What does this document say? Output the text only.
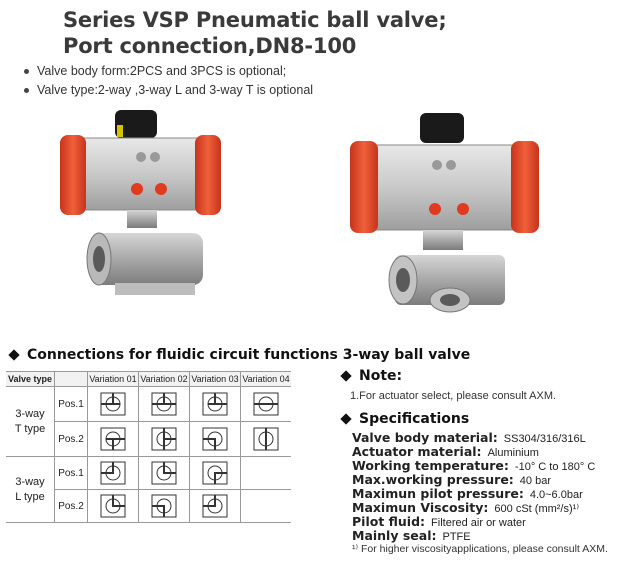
Series VSP Pneumatic ball valve;
Port connection,DN8-100
Valve body form:2PCS and 3PCS is optional;
Valve type:2-way ,3-way L and 3-way T is optional
Connections for fluidic circuit functions 3-way ball valve
Valve type		Variation 01	Variation 02	Variation 03	Variation 04
3-way
T type	Pos.1				
	Pos.2				
3-way
L type	Pos.1				
	Pos.2				
Note:
1.For actuator select, please consult AXM.
Specifications
Valve body material: SS304/316/316L
Actuator material: Aluminium
Working temperature: -10° C to 180° C
Max.working pressure: 40 bar
Maximun pilot pressure: 4.0~6.0bar
Maximun Viscosity: 600 cSt (mm²/s)¹⁾
Pilot fluid: Filtered air or water
Mainly seal: PTFE
¹⁾ For higher viscosityapplications, please consult AXM.
